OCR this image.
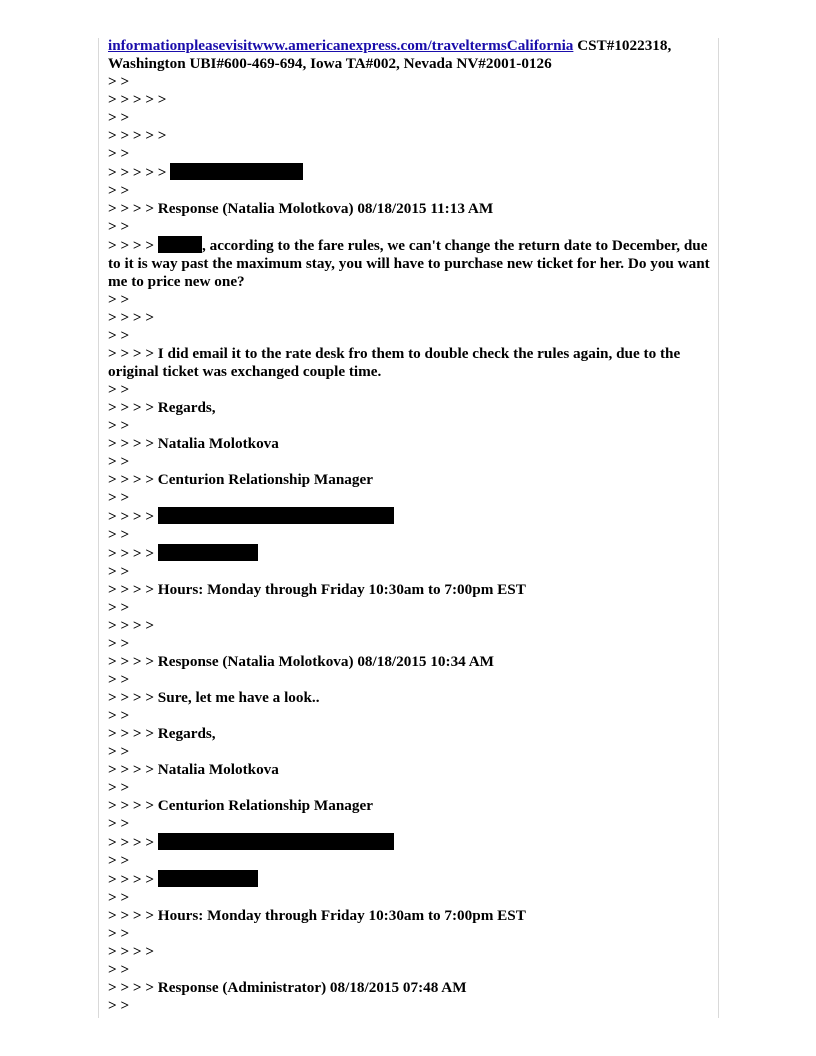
informationpleasevisitwww.americanexpress.com/traveltermsCalifornia CST#1022318,
Washington UBI#600-469-694, Iowa TA#002, Nevada NV#2001-0126
> >
> > > > >
> >
> > > > >
> >
> > > > >
> >
> > > > Response (Natalia Molotkova) 08/18/2015 11:13 AM
> >
> > > >	, according to the fare rules, we can't change the return date to December, due to it is way past the maximum stay, you will have to purchase new ticket for her. Do you want me to price new one?
> >
> > > >
> >
> > > > I did email it to the rate desk fro them to double check the rules again, due to the original ticket was exchanged couple time.
> >
> > > > Regards,
> >
> > > > Natalia Molotkova
> >
> > > > Centurion Relationship Manager
> >
> > > >
> >
> > > >
> >
> > > > Hours: Monday through Friday 10:30am to 7:00pm EST
> >
> > > >
> >
> > > > Response (Natalia Molotkova) 08/18/2015 10:34 AM
> >
> > > > Sure, let me have a look..
> >
> > > > Regards,
> >
> > > > Natalia Molotkova
> >
> > > > Centurion Relationship Manager
> >
> > > >
> >
> > > >
> >
> > > > Hours: Monday through Friday 10:30am to 7:00pm EST
> >
> > > >
> >
> > > > Response (Administrator) 08/18/2015 07:48 AM
> >
